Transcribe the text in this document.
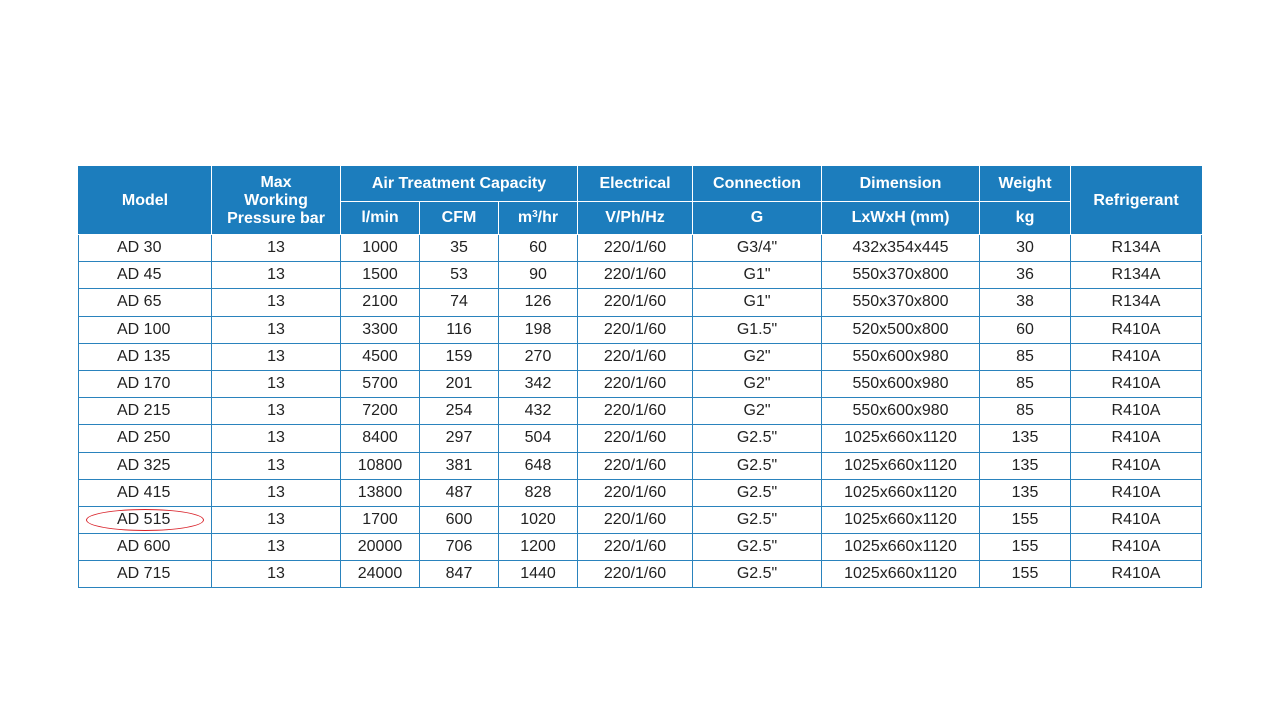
Model	Max
Working
Pressure bar	Air Treatment Capacity			Electrical	Connection	Dimension	Weight	Refrigerant
		l/min	CFM	$m^3/hr$	V/Ph/Hz	G	LxWxH (mm)	kg	
AD 30	13	1000	35	60	220/1/60	G3/4"	432x354x445	30	R134A
AD 45	13	1500	53	90	220/1/60	G1"	550x370x800	36	R134A
AD 65	13	2100	74	126	220/1/60	G1"	550x370x800	38	R134A
AD 100	13	3300	116	198	220/1/60	G1.5"	520x500x800	60	R410A
AD 135	13	4500	159	270	220/1/60	G2"	550x600x980	85	R410A
AD 170	13	5700	201	342	220/1/60	G2"	550x600x980	85	R410A
AD 215	13	7200	254	432	220/1/60	G2"	550x600x980	85	R410A
AD 250	13	8400	297	504	220/1/60	G2.5"	1025x660x1120	135	R410A
AD 325	13	10800	381	648	220/1/60	G2.5"	1025x660x1120	135	R410A
AD 415	13	13800	487	828	220/1/60	G2.5"	1025x660x1120	135	R410A

AD 515	13	1700	600	1020	220/1/60	G2.5"	1025x660x1120	155	R410A
AD 600	13	20000	706	1200	220/1/60	G2.5"	1025x660x1120	155	R410A
AD 715	13	24000	847	1440	220/1/60	G2.5"	1025x660x1120	155	R410A
